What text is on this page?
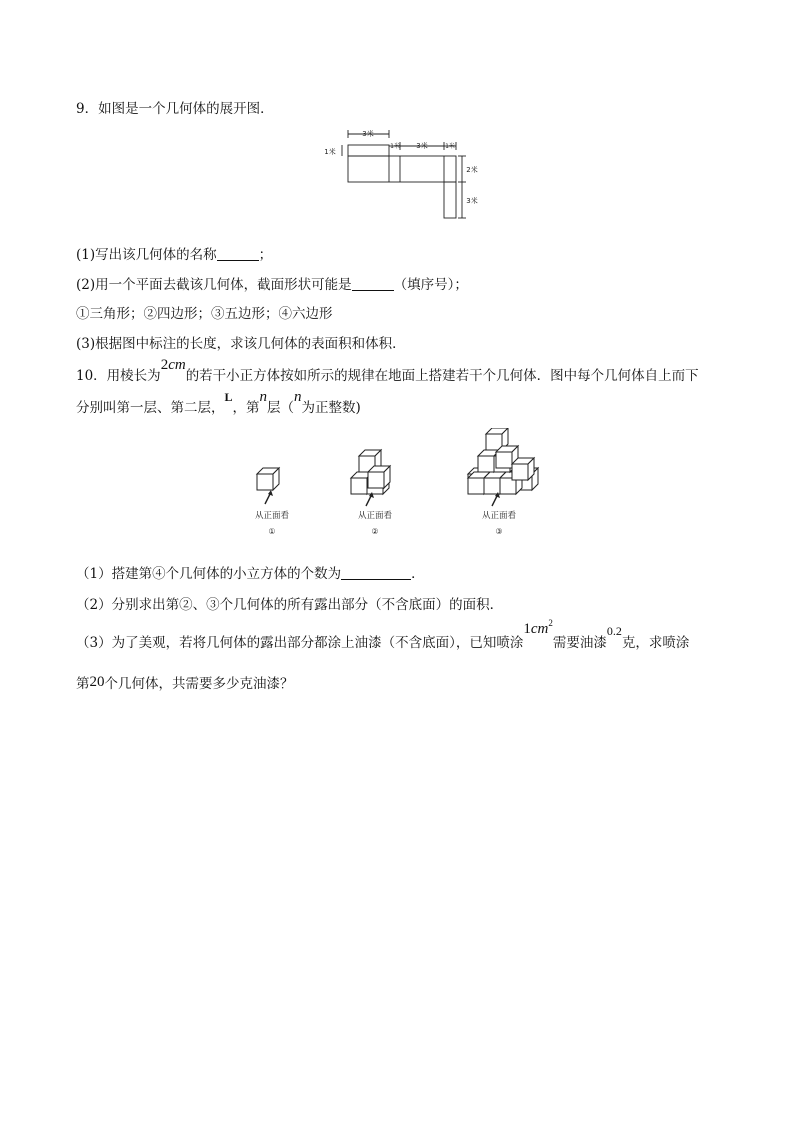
9．如图是一个几何体的展开图．
3米
1米
1米 3米	1米
2米
3米
(1)写出该几何体的名称	；
(2)用一个平面去截该几何体，截面形状可能是	（填序号）；
①三角形；②四边形；③五边形；④六边形
(3)根据图中标注的长度，求该几何体的表面积和体积．
10．用棱长为2cm的若干小正方体按如所示的规律在地面上搭建若干个几何体．图中每个几何体自上而下
分别叫第一层、第二层，L，第n层（n为正整数)
从正面看	从正面看	从正面看
①	②	③
（1）搭建第④个几何体的小立方体的个数为	．
（2）分别求出第②、③个几何体的所有露出部分（不含底面）的面积．
（3）为了美观，若将几何体的露出部分都涂上油漆（不含底面），已知喷涂$1cm^2$需要油漆0.2克，求喷涂
第20个几何体，共需要多少克油漆？
